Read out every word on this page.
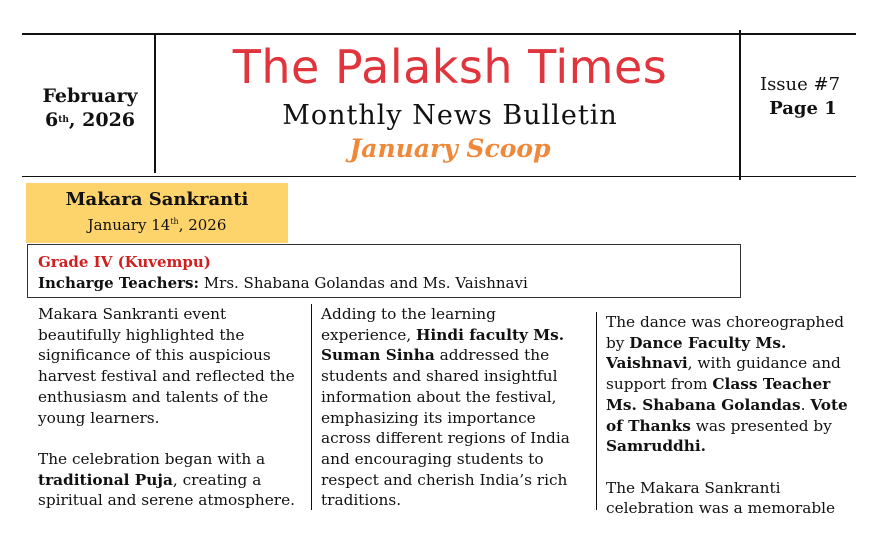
February 6th, 2026
The Palaksh Times
Monthly News Bulletin
January Scoop
Issue #7
Page 1
Makara Sankranti
January 14th, 2026
Grade IV (Kuvempu)
Incharge Teachers: Mrs. Shabana Golandas and Ms. Vaishnavi

Makara Sankranti event beautifully highlighted the significance of this auspicious harvest festival and reflected the enthusiasm and talents of the young learners.

The celebration began with a traditional Puja, creating a spiritual and serene atmosphere.

Adding to the learning experience, Hindi faculty Ms. Suman Sinha addressed the students and shared insightful information about the festival, emphasizing its importance across different regions of India and encouraging students to respect and cherish India’s rich traditions.

The dance was choreographed by Dance Faculty Ms. Vaishnavi, with guidance and support from Class Teacher Ms. Shabana Golandas. Vote of Thanks was presented by Samruddhi.

The Makara Sankranti celebration was a memorable
